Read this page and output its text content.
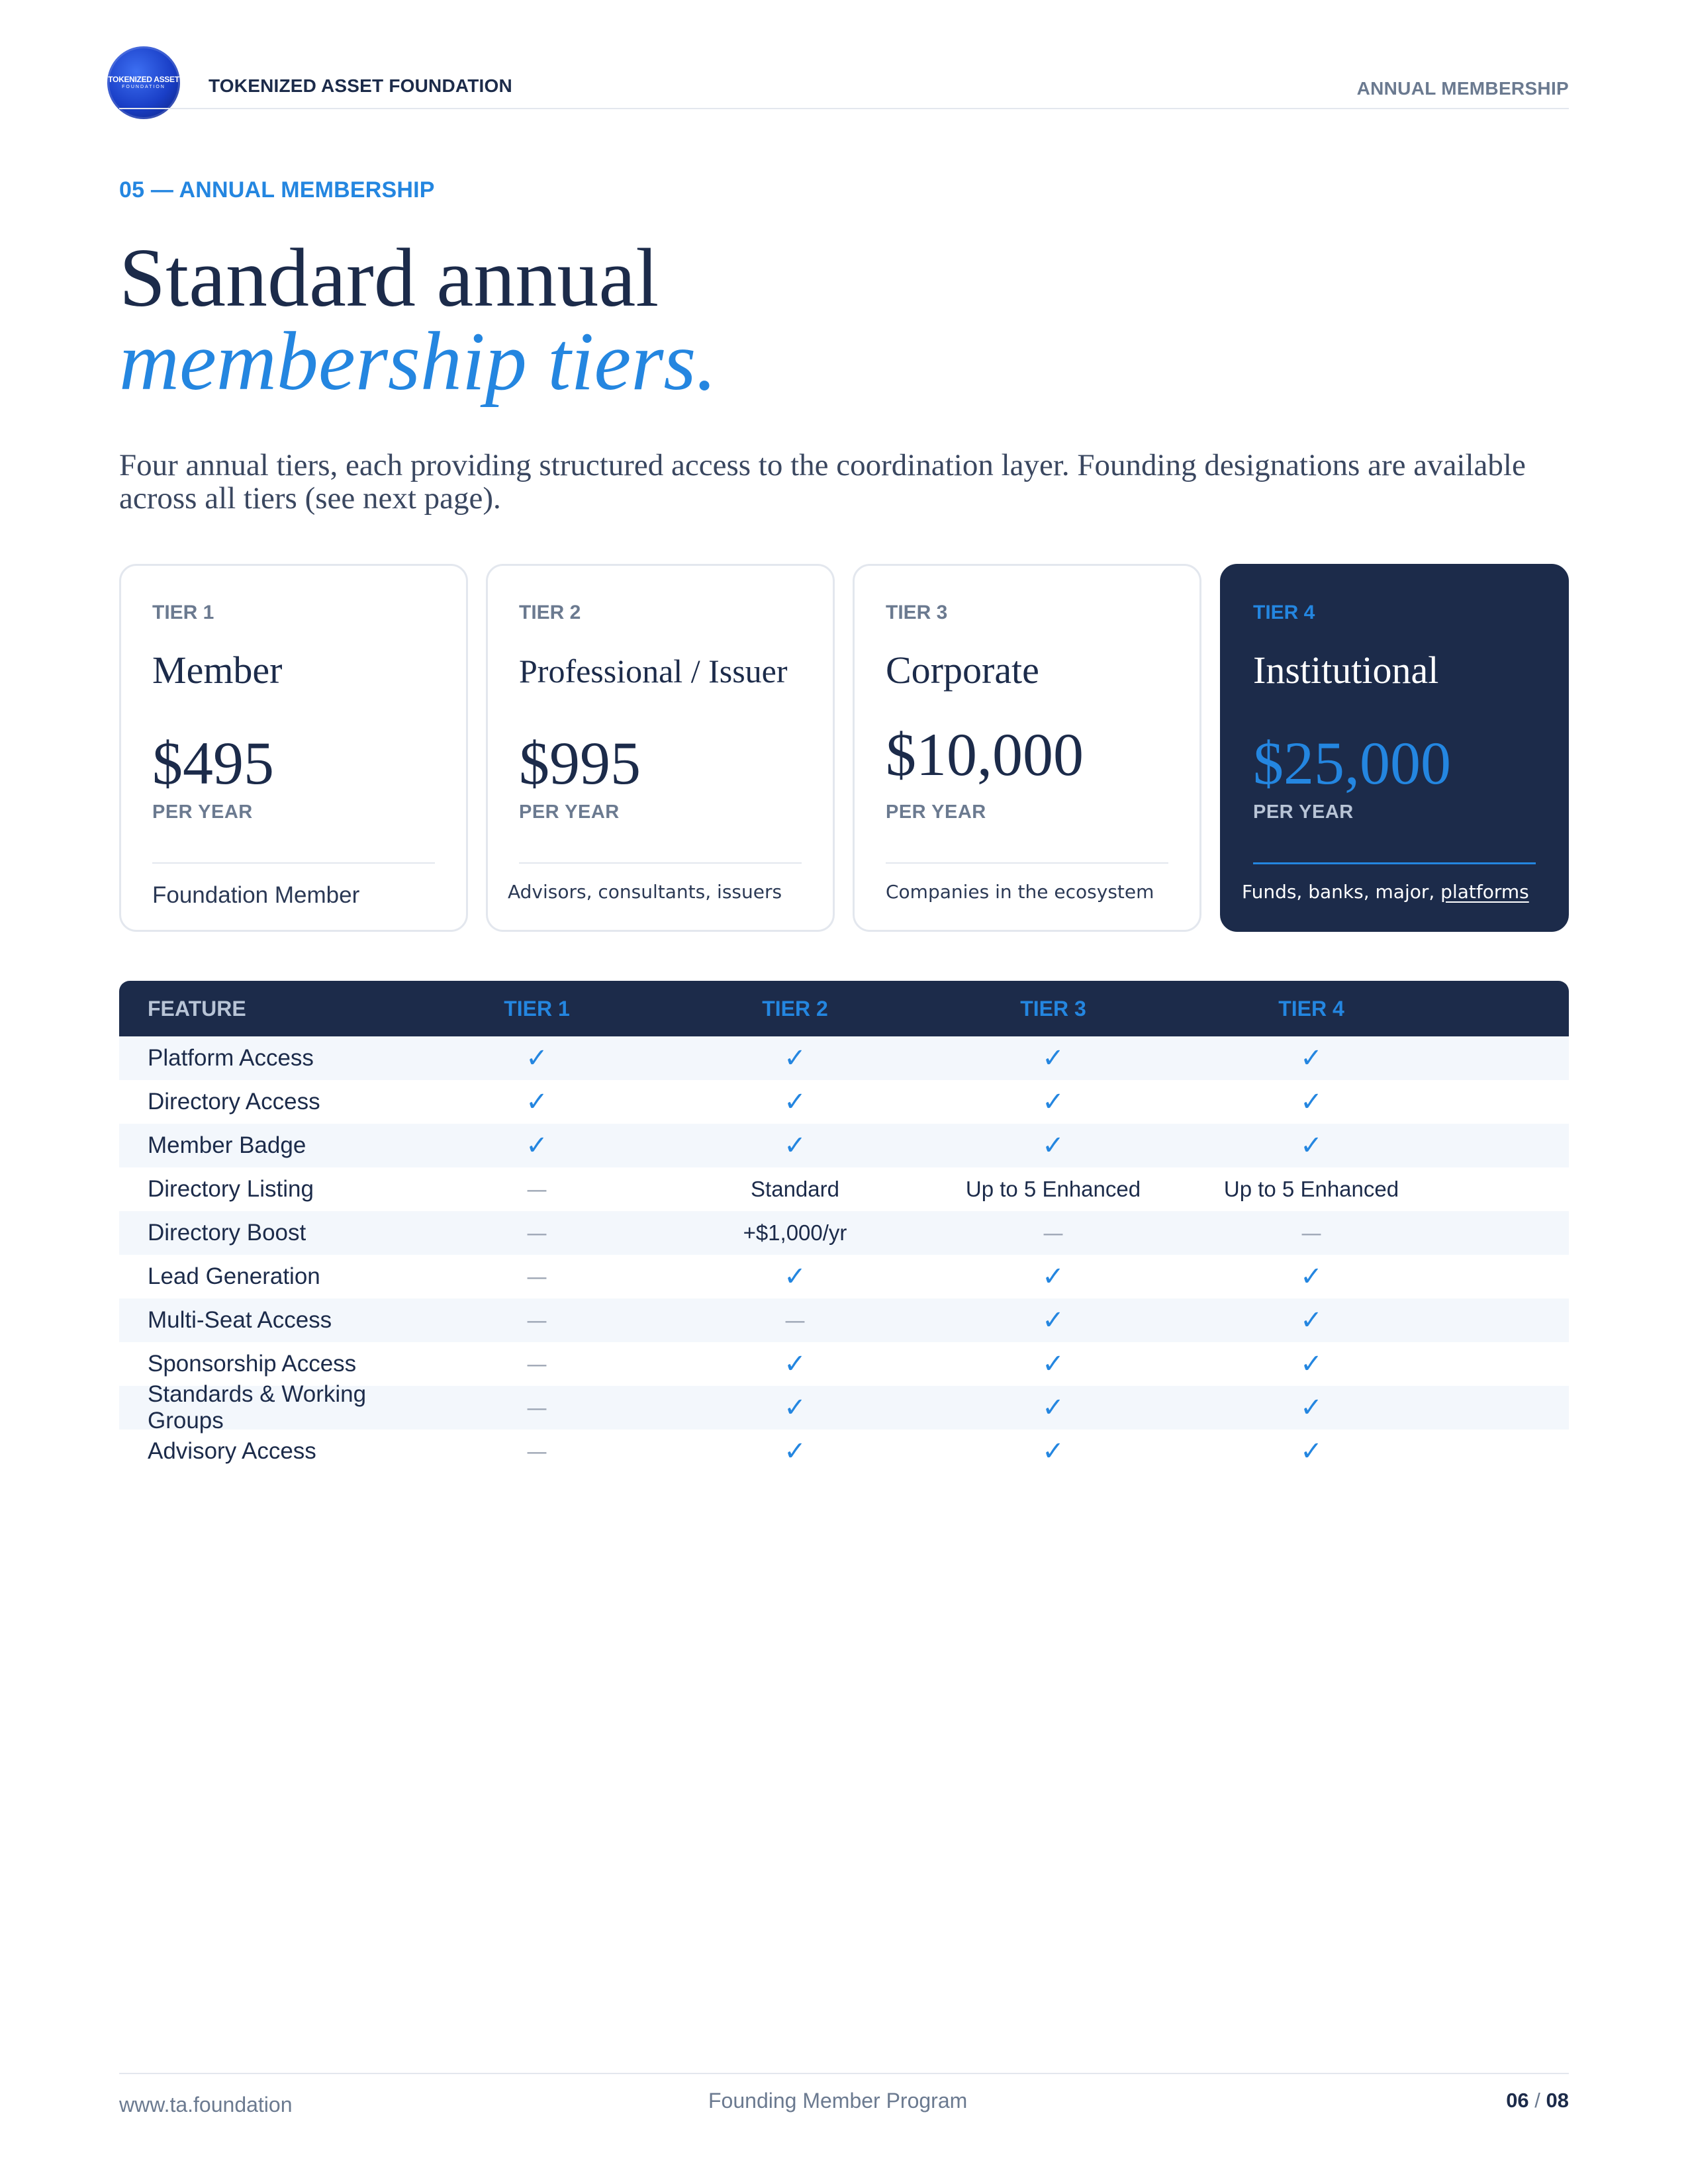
TOKENIZED ASSET
FOUNDATION TOKENIZED ASSET FOUNDATION	ANNUAL MEMBERSHIP
05 — ANNUAL MEMBERSHIP
Standard annual
membership tiers.
Four annual tiers, each providing structured access to the coordination layer. Founding designations are available across all tiers (see next page).
TIER 1
Member
$495
PER YEAR
Foundation Member
TIER 2
Professional / Issuer
$995
PER YEAR
Advisors, consultants, issuers
TIER 3
Corporate
$10,000
PER YEAR
Companies in the ecosystem
TIER 4
Institutional
$25,000
PER YEAR
Funds, banks, major, platforms
FEATURE	TIER 1	TIER 2	TIER 3	TIER 4
Platform Access	✓	✓	✓	✓
Directory Access	✓	✓	✓	✓
Member Badge	✓	✓	✓	✓
Directory Listing	—	Standard	Up to 5 Enhanced	Up to 5 Enhanced
Directory Boost	—	+$1,000/yr	—	—
Lead Generation	—	✓	✓	✓
Multi-Seat Access	—	—	✓	✓
Sponsorship Access	—	✓	✓	✓
Standards & Working Groups	—	✓	✓	✓
Advisory Access	—	✓	✓	✓
www.ta.foundation	Founding Member Program	06 / 08
